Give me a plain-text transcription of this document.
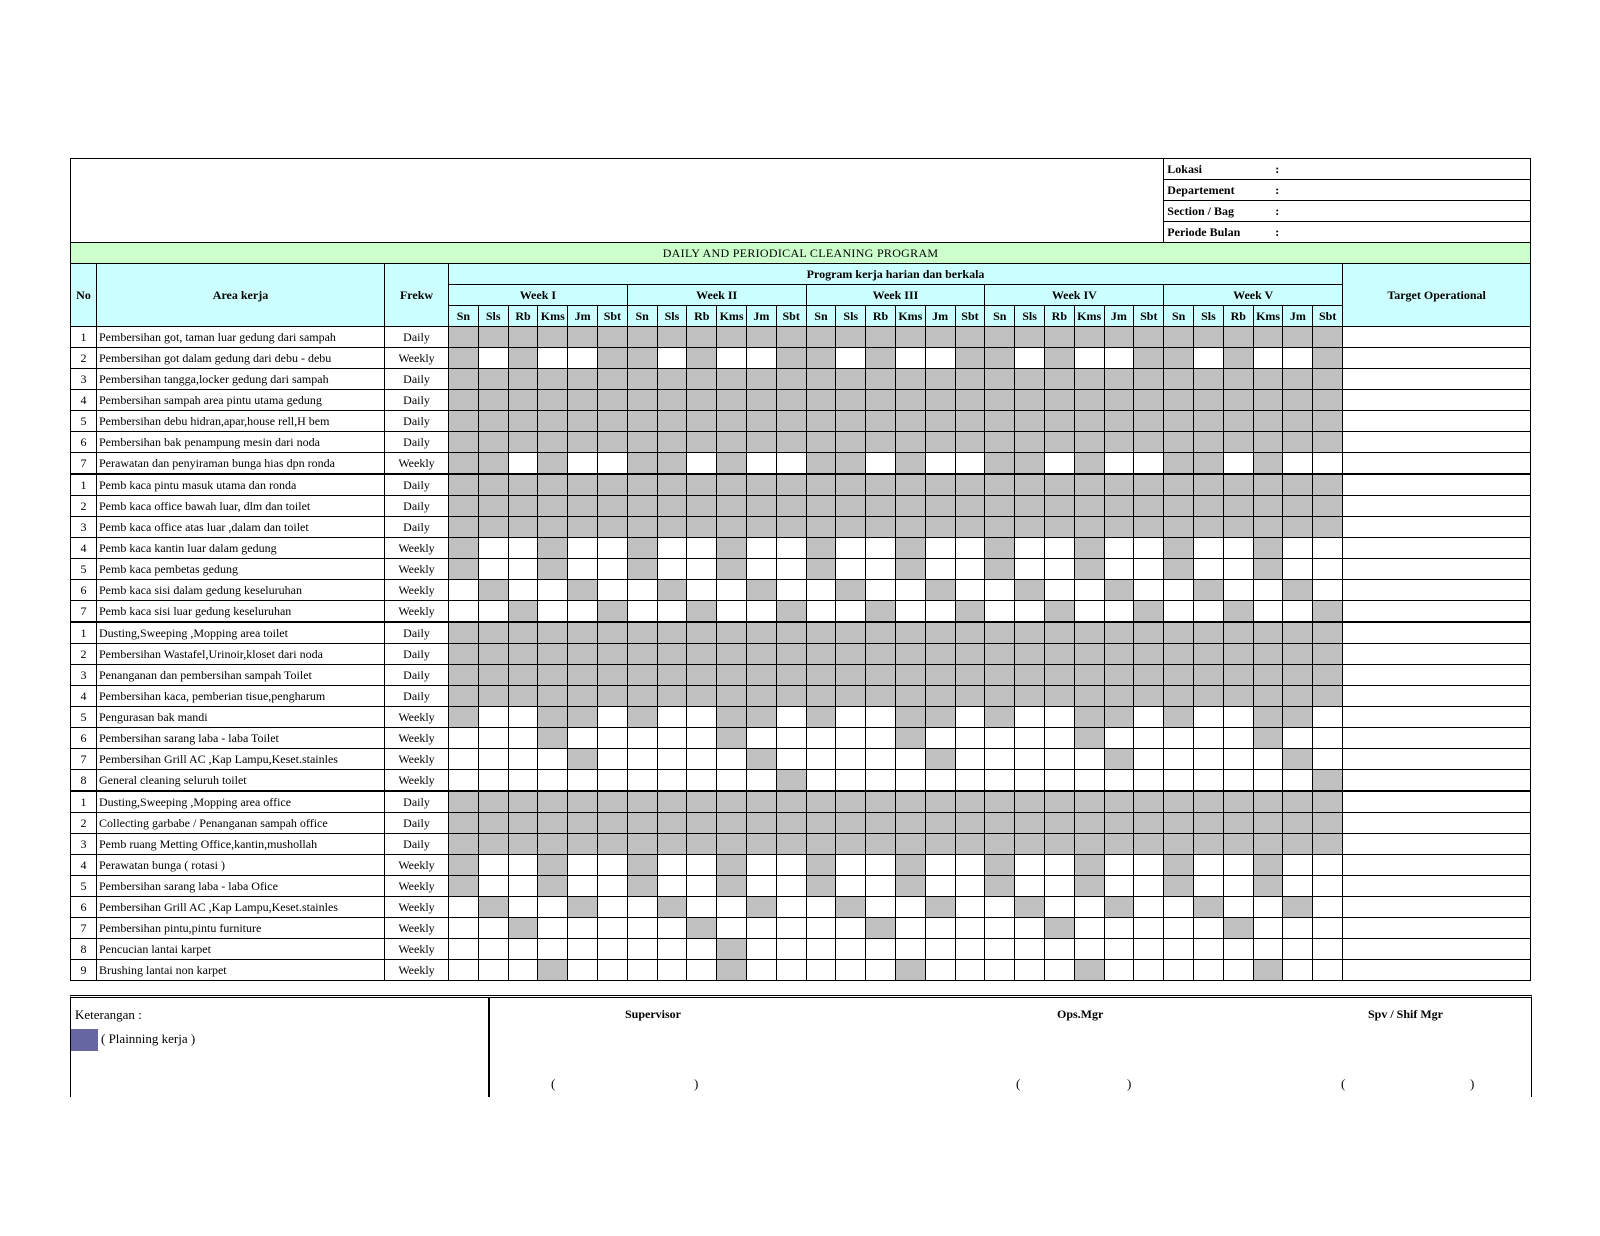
																											Lokasi :						
																											Departement :						
																											Section / Bag :						
																											Periode Bulan :						
DAILY AND PERIODICAL CLEANING PROGRAM																																	
No	Area kerja	Frekw	Program kerja harian dan berkala																														Target Operational
			Week I						Week II						Week III						Week IV						Week V						
			Sn	Sls	Rb	Kms	Jm	Sbt	Sn	Sls	Rb	Kms	Jm	Sbt	Sn	Sls	Rb	Kms	Jm	Sbt	Sn	Sls	Rb	Kms	Jm	Sbt	Sn	Sls	Rb	Kms	Jm	Sbt	
1	Pembersihan got, taman luar gedung dari sampah	Daily																															
2	Pembersihan got dalam gedung dari debu - debu	Weekly																															
3	Pembersihan tangga,locker gedung dari sampah	Daily																															
4	Pembersihan sampah area pintu utama gedung	Daily																															
5	Pembersihan debu hidran,apar,house rell,H bem	Daily																															
6	Pembersihan bak penampung mesin dari noda	Daily																															
7	Perawatan dan penyiraman bunga hias dpn ronda	Weekly																															
1	Pemb kaca pintu masuk utama dan ronda	Daily																															
2	Pemb kaca office bawah luar, dlm dan toilet	Daily																															
3	Pemb kaca office atas luar ,dalam dan toilet	Daily																															
4	Pemb kaca kantin luar dalam gedung	Weekly																															
5	Pemb kaca pembetas gedung	Weekly																															
6	Pemb kaca sisi dalam gedung keseluruhan	Weekly																															
7	Pemb kaca sisi luar gedung keseluruhan	Weekly																															
1	Dusting,Sweeping ,Mopping area toilet	Daily																															
2	Pembersihan Wastafel,Urinoir,kloset dari noda	Daily																															
3	Penanganan dan pembersihan sampah Toilet	Daily																															
4	Pembersihan kaca, pemberian tisue,pengharum	Daily																															
5	Pengurasan bak mandi	Weekly																															
6	Pembersihan sarang laba - laba Toilet	Weekly																															
7	Pembersihan Grill AC ,Kap Lampu,Keset.stainles	Weekly																															
8	General cleaning seluruh toilet	Weekly																															
1	Dusting,Sweeping ,Mopping area office	Daily																															
2	Collecting garbabe / Penanganan sampah office	Daily																															
3	Pemb ruang Metting Office,kantin,mushollah	Daily																															
4	Perawatan bunga ( rotasi )	Weekly																															
5	Pembersihan sarang laba - laba Ofice	Weekly																															
6	Pembersihan Grill AC ,Kap Lampu,Keset.stainles	Weekly																															
7	Pembersihan pintu,pintu furniture	Weekly																															
8	Pencucian lantai karpet	Weekly																															
9	Brushing lantai non karpet	Weekly																															
Keterangan :
( Plainning kerja )
Supervisor	Ops.Mgr	Spv / Shif Mgr
(	)	(	)	(	)
